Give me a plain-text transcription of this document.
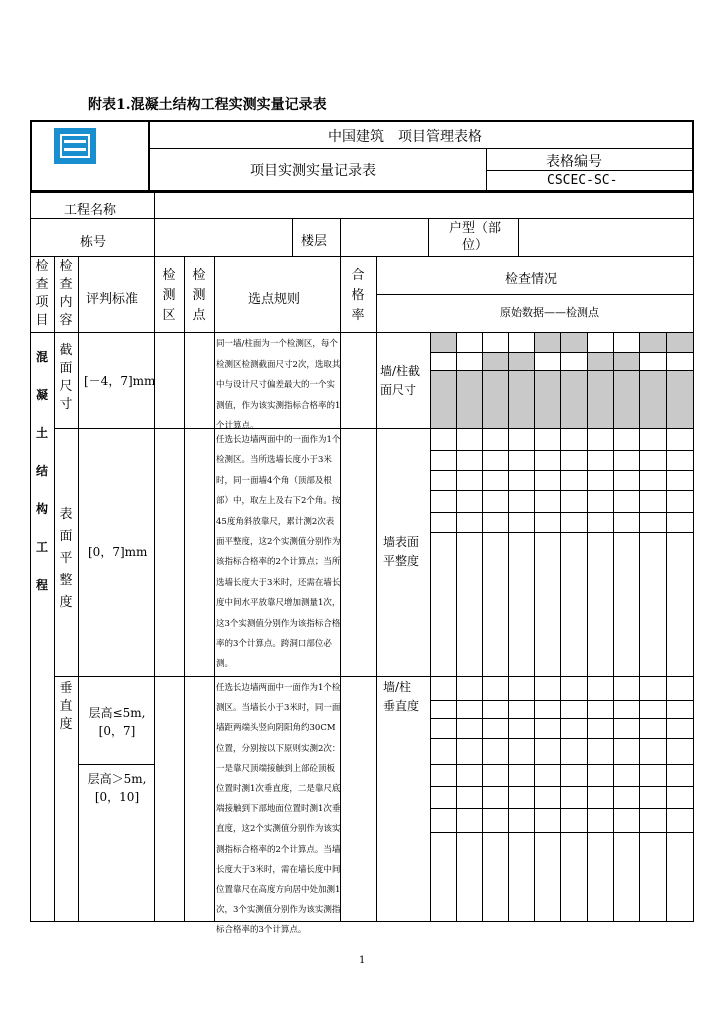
附表1.混凝土结构工程实测实量记录表
中国建筑　项目管理表格
项目实测实量记录表
表格编号
CSCEC-SC-
工程名称
栋号	楼层
户型（部位）
检查项目
检查内容
评判标准
检测区
检测点
选点规则
合格率
检查情况
原始数据——检测点
混凝土结构工程
截面尺寸
[－4，7]mm
同一墙/柱面为一个检测区，每个检测区检测截面尺寸2次，选取其中与设计尺寸偏差最大的一个实测值，作为该实测指标合格率的1个计算点。
墙/柱截面尺寸
表面平整度
[0，7]mm
任选长边墙两面中的一面作为1个检测区。当所选墙长度小于3米时，同一面墙4个角（顶部及根部）中，取左上及右下2个角。按45度角斜放靠尺，累计测2次表面平整度，这2个实测值分别作为该指标合格率的2个计算点；当所选墙长度大于3米时，还需在墙长度中间水平放靠尺增加测量1次，这3个实测值分别作为该指标合格率的3个计算点。跨洞口部位必测。
墙表面平整度
垂直度
层高≤5m,[0，7]
层高＞5m,[0，10]
任选长边墙两面中一面作为1个检测区。当墙长小于3米时，同一面墙距两端头竖向阴阳角约30CM位置，分别按以下原则实测2次：一是靠尺顶端接触到上部砼顶板位置时测1次垂直度，二是靠尺底端接触到下部地面位置时测1次垂直度，这2个实测值分别作为该实测指标合格率的2个计算点。当墙长度大于3米时，需在墙长度中间位置靠尺在高度方向居中处加测1次，3个实测值分别作为该实测指标合格率的3个计算点。
墙/柱垂直度
1
